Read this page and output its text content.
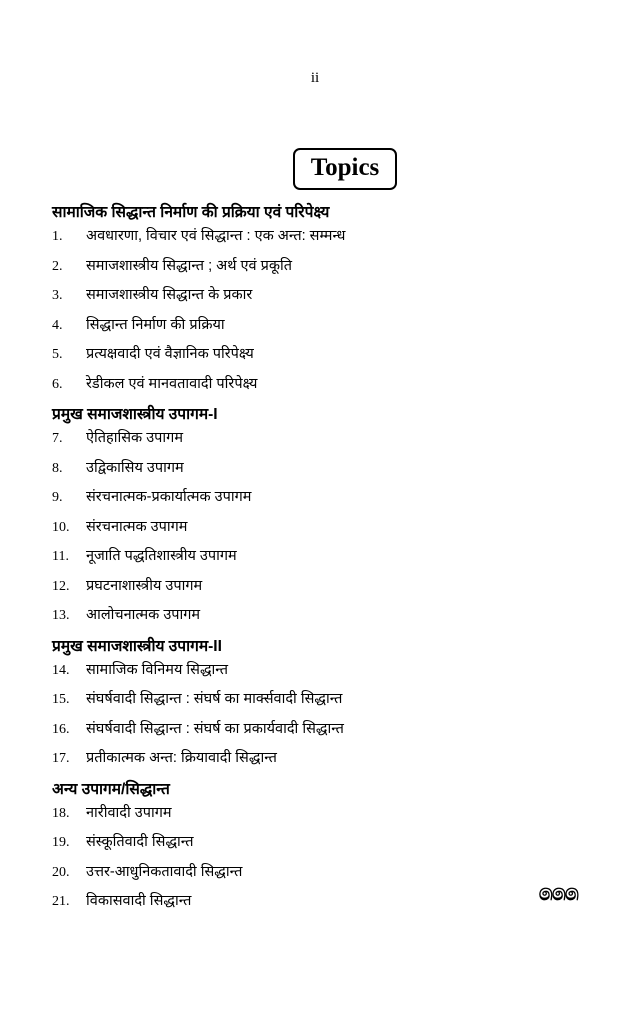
ii
Topics
सामाजिक सिद्धान्त निर्माण की प्रक्रिया एवं परिपेक्ष्य
1.	अवधारणा, विचार एवं सिद्धान्त : एक अन्त: सम्मन्ध
2.	समाजशास्त्रीय सिद्धान्त ; अर्थ एवं प्रकूति
3.	समाजशास्त्रीय सिद्धान्त के प्रकार
4.	सिद्धान्त निर्माण की प्रक्रिया
5.	प्रत्यक्षवादी एवं वैज्ञानिक परिपेक्ष्य
6.	रेडीकल एवं मानवतावादी परिपेक्ष्य
प्रमुख समाजशास्त्रीय उपागम-I
7.	ऐतिहासिक उपागम
8.	उद्विकासिय उपागम
9.	संरचनात्मक-प्रकार्यात्मक उपागम
10.	संरचनात्मक उपागम
11.	नूजाति पद्धतिशास्त्रीय उपागम
12.	प्रघटनाशास्त्रीय उपागम
13.	आलोचनात्मक उपागम
प्रमुख समाजशास्त्रीय उपागम-II
14.	सामाजिक विनिमय सिद्धान्त
15.	संघर्षवादी सिद्धान्त : संघर्ष का मार्क्सवादी सिद्धान्त
16.	संघर्षवादी सिद्धान्त : संघर्ष का प्रकार्यवादी सिद्धान्त
17.	प्रतीकात्मक अन्त: क्रियावादी सिद्धान्त
अन्य उपागम/सिद्धान्त
18.	नारीवादी उपागम
19.	संस्कूतिवादी सिद्धान्त
20.	उत्तर-आधुनिकतावादी सिद्धान्त
21.	विकासवादी सिद्धान्त	෧෧෧
